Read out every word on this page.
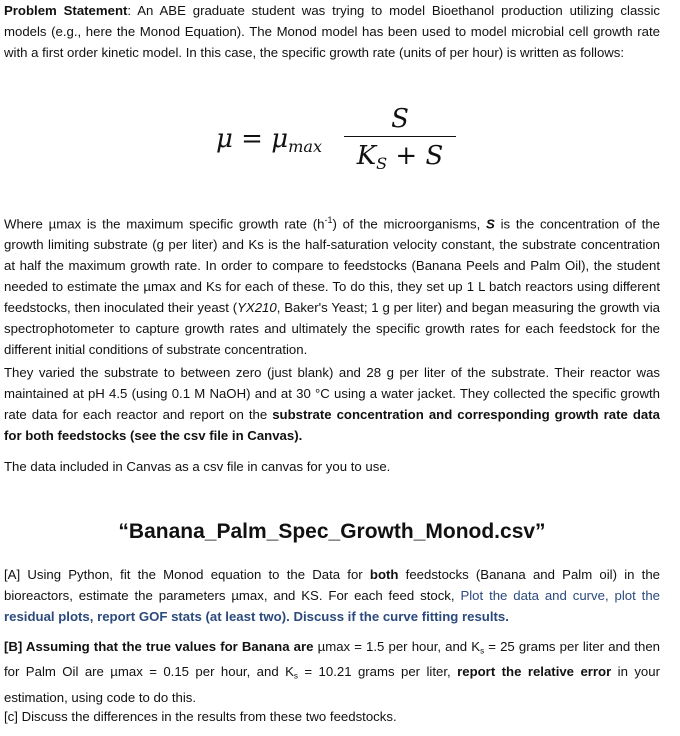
Problem Statement: An ABE graduate student was trying to model Bioethanol production utilizing classic models (e.g., here the Monod Equation). The Monod model has been used to model microbial cell growth rate with a first order kinetic model. In this case, the specific growth rate (units of per hour) is written as follows:

$\mu = \mu_{max}$
S
$K_S + S$

Where µmax is the maximum specific growth rate $(h^{-1})$ of the microorganisms, S is the concentration of the growth limiting substrate (g per liter) and Ks is the half-saturation velocity constant, the substrate concentration at half the maximum growth rate. In order to compare to feedstocks (Banana Peels and Palm Oil), the student needed to estimate the µmax and Ks for each of these. To do this, they set up 1 L batch reactors using different feedstocks, then inoculated their yeast (YX210, Baker's Yeast; 1 g per liter) and began measuring the growth via spectrophotometer to capture growth rates and ultimately the specific growth rates for each feedstock for the different initial conditions of substrate concentration.

They varied the substrate to between zero (just blank) and 28 g per liter of the substrate. Their reactor was maintained at pH 4.5 (using 0.1 M NaOH) and at 30 °C using a water jacket. They collected the specific growth rate data for each reactor and report on the substrate concentration and corresponding growth rate data for both feedstocks (see the csv file in Canvas).

The data included in Canvas as a csv file in canvas for you to use.

“Banana_Palm_Spec_Growth_Monod.csv”

[A] Using Python, fit the Monod equation to the Data for both feedstocks (Banana and Palm oil) in the bioreactors, estimate the parameters µmax, and KS. For each feed stock, Plot the data and curve, plot the residual plots, report GOF stats (at least two). Discuss if the curve fitting results.

[B] Assuming that the true values for Banana are µmax = 1.5 per hour, and $K_s = 25$ grams per liter and then for Palm Oil are µmax = 0.15 per hour, and $K_s = 10.21$ grams per liter, report the relative error in your estimation, using code to do this.

[c] Discuss the differences in the results from these two feedstocks.
